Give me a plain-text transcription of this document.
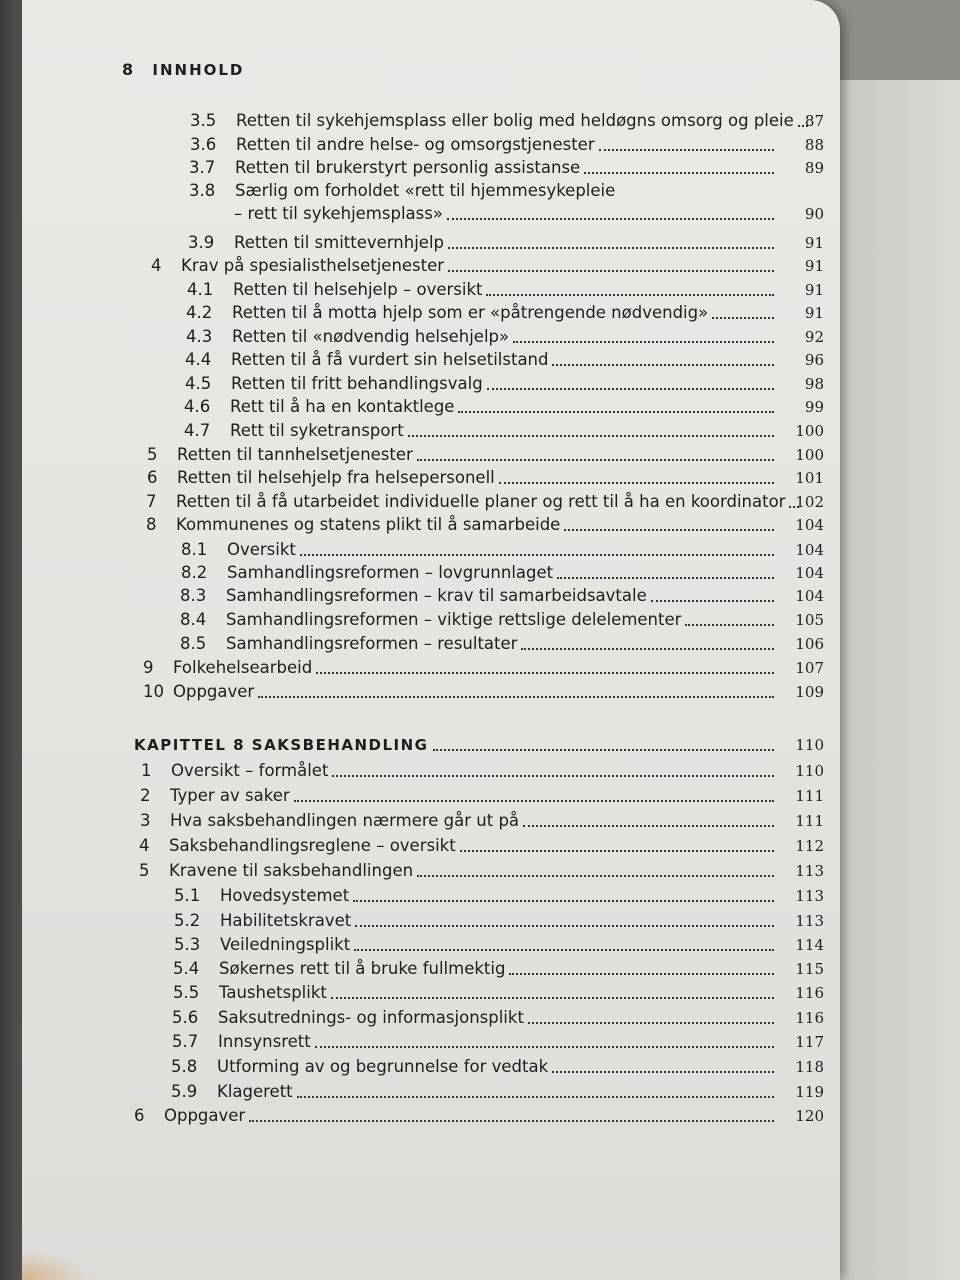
8 INNHOLD
3.5 Retten til sykehjemsplass eller bolig med heldøgns omsorg og pleie 87
3.6 Retten til andre helse- og omsorgstjenester	88
3.7 Retten til brukerstyrt personlig assistanse	89
3.8 Særlig om forholdet «rett til hjemmesykepleie
– rett til sykehjemsplass»	90
3.9 Retten til smittevernhjelp	91
4 Krav på spesialisthelsetjenester	91
4.1 Retten til helsehjelp – oversikt	91
4.2 Retten til å motta hjelp som er «påtrengende nødvendig»	91
4.3 Retten til «nødvendig helsehjelp»	92
4.4 Retten til å få vurdert sin helsetilstand	96
4.5 Retten til fritt behandlingsvalg	98
4.6 Rett til å ha en kontaktlege	99
4.7 Rett til syketransport	100
5 Retten til tannhelsetjenester	100
6 Retten til helsehjelp fra helsepersonell	101
7 Retten til å få utarbeidet individuelle planer og rett til å ha en koordinator 102
8 Kommunenes og statens plikt til å samarbeide	104
8.1 Oversikt	104
8.2 Samhandlingsreformen – lovgrunnlaget	104
8.3 Samhandlingsreformen – krav til samarbeidsavtale	104
8.4 Samhandlingsreformen – viktige rettslige delelementer	105
8.5 Samhandlingsreformen – resultater	106
9 Folkehelsearbeid	107
10 Oppgaver	109
KAPITTEL 8 SAKSBEHANDLING	110
1 Oversikt – formålet	110
2 Typer av saker	111
3 Hva saksbehandlingen nærmere går ut på	111
4 Saksbehandlingsreglene – oversikt	112
5 Kravene til saksbehandlingen	113
5.1 Hovedsystemet	113
5.2 Habilitetskravet	113
5.3 Veiledningsplikt	114
5.4 Søkernes rett til å bruke fullmektig	115
5.5 Taushetsplikt	116
5.6 Saksutrednings- og informasjonsplikt	116
5.7 Innsynsrett	117
5.8 Utforming av og begrunnelse for vedtak	118
5.9 Klagerett	119
6 Oppgaver	120
